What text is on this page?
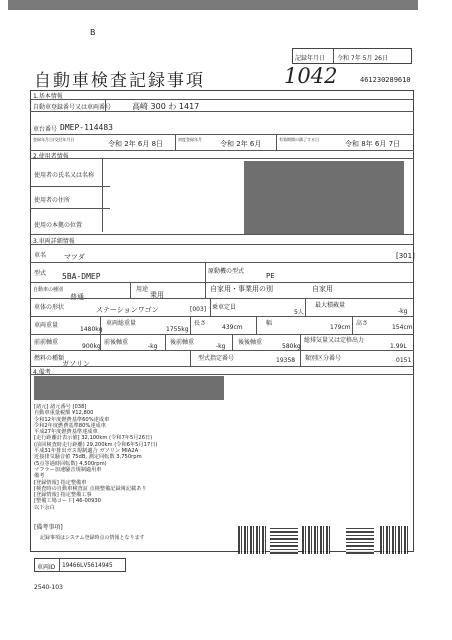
B
自動車検査記録事項	1042
記録年月日 令和 7年 5月 26日
461230289610
1.基本情報
自動車登録番号又は車両番号	高崎 300 わ 1417
車台番号 DMEP-114483
登録年月日/交付年月日
令和 2年 6月 8日
初度登録年月
令和 2年 6月
有効期間の満了する日
令和 8年 6月 7日
2.使用者情報
使用者の氏名又は名称
使用者の住所
使用の本拠の位置
3.車両詳細情報
車名	マツダ	[301]
型式 5BA-DMEP
原動機の型式
PE
自動車の種別
普通
用途
乗用
自家用・事業用の別	自家用
車体の形状	ステーションワゴン	[003] 乗車定員
5人
最大積載量
-kg
車両重量
1480kg
車両総重量
1755kg
長さ
439cm
幅
179cm
高さ
154cm
前前軸重
900kg
前後軸重
-kg
後前軸重
-kg
後後軸重
580kg
総排気量又は定格出力
1.99L
燃料の種類
ガソリン
型式指定番号	19358 類別区分番号	0151
4.備考
[諸元] 諸元番号 [038]
自動車重量税額 ¥12,800
令和12年度燃費基準60%達成車
令和2年度燃費基準80%達成車
平成27年度燃費基準達成車
[走行距離計表示値] 32,100km (令和7年5月26日)
(前回検査時走行距離) 29,200km (令和6年5月17日)
平成31年排出ガス規制適合 ガソリン MIA2A
近接排気騒音値 75dB, 測定回転数 3,750rpm
(5点等過時回転数) 4,500rpm)
マフラー加速騒音規制適用車
備考
[登録情報] 指定整備車
[検査時の自動車検査証 点検整備記録簿記載あり
[登録情報] 指定整備工事
[整備工場コード] 46-00930
以下余白
[備考事項]
記録事項はシステム登録時点の情報となります
車両ID 19466LV5614945
2540-103
